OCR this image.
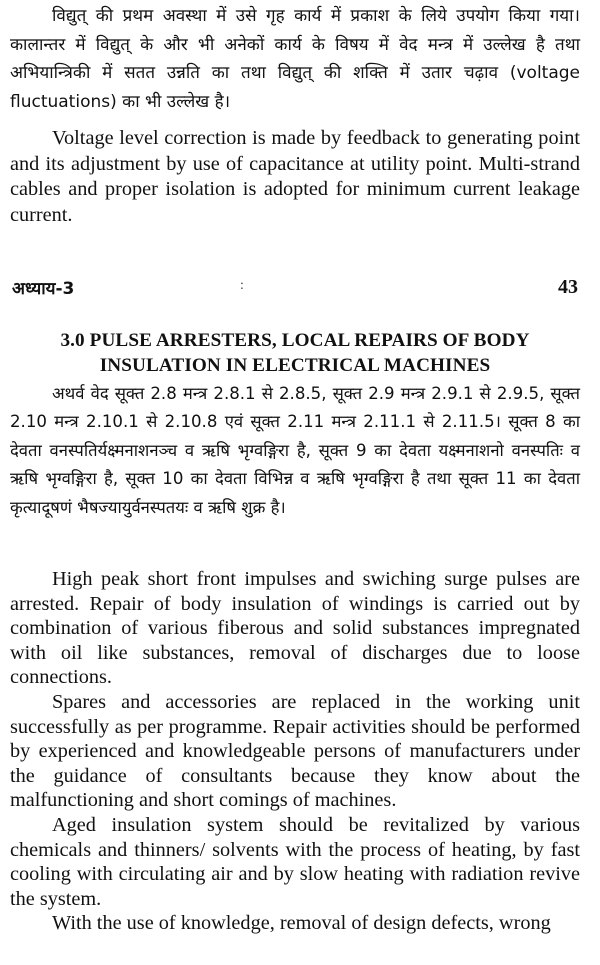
विद्युत् की प्रथम अवस्था में उसे गृह कार्य में प्रकाश के लिये उपयोग किया गया। कालान्तर में विद्युत् के और भी अनेकों कार्य के विषय में वेद मन्त्र में उल्लेख है तथा अभियान्त्रिकी में सतत उन्नति का तथा विद्युत् की शक्ति में उतार चढ़ाव (voltage fluctuations) का भी उल्लेख है।

Voltage level correction is made by feedback to generating point and its adjustment by use of capacitance at utility point. Multi-strand cables and proper isolation is adopted for minimum current leakage current.

अध्याय-3	:	43
3.0 PULSE ARRESTERS, LOCAL REPAIRS OF BODY
INSULATION IN ELECTRICAL MACHINES

अथर्व वेद सूक्त 2.8 मन्त्र 2.8.1 से 2.8.5, सूक्त 2.9 मन्त्र 2.9.1 से 2.9.5, सूक्त 2.10 मन्त्र 2.10.1 से 2.10.8 एवं सूक्त 2.11 मन्त्र 2.11.1 से 2.11.5। सूक्त 8 का देवता वनस्पतिर्यक्ष्मनाशनञ्च व ऋषि भृग्वङ्गिरा है, सूक्त 9 का देवता यक्ष्मनाशनो वनस्पतिः व ऋषि भृग्वङ्गिरा है, सूक्त 10 का देवता विभिन्न व ऋषि भृग्वङ्गिरा है तथा सूक्त 11 का देवता कृत्यादूषणं भैषज्यायुर्वनस्पतयः व ऋषि शुक्र है।

High peak short front impulses and swiching surge pulses are arrested. Repair of body insulation of windings is carried out by combination of various fiberous and solid substances impregnated with oil like substances, removal of discharges due to loose connections.

Spares and accessories are replaced in the working unit successfully as per programme. Repair activities should be performed by experienced and knowledgeable persons of manufacturers under the guidance of consultants because they know about the malfunctioning and short comings of machines.

Aged insulation system should be revitalized by various chemicals and thinners/ solvents with the process of heating, by fast cooling with circulating air and by slow heating with radiation revive the system.

With the use of knowledge, removal of design defects, wrong
